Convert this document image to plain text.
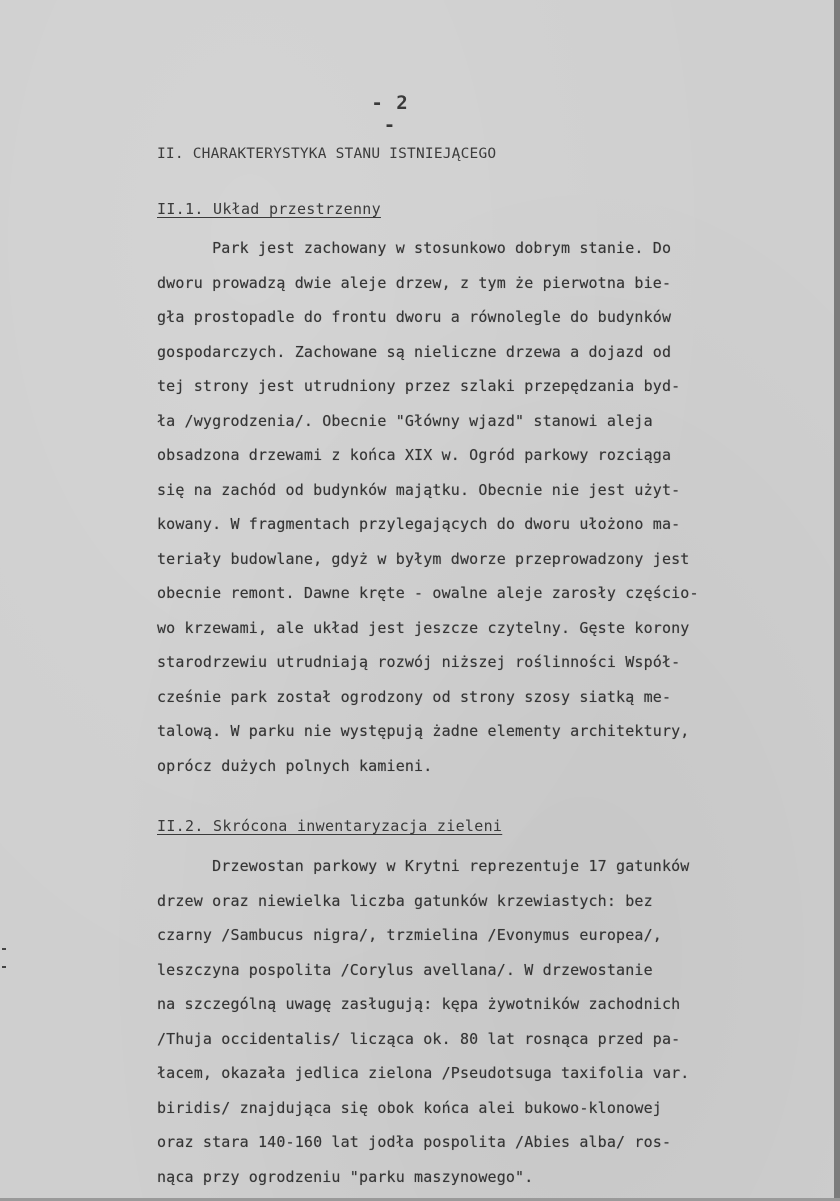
- 2 -
II. CHARAKTERYSTYKA STANU ISTNIEJĄCEGO
II.1. Układ przestrzenny
Park jest zachowany w stosunkowo dobrym stanie. Do
dworu prowadzą dwie aleje drzew, z tym że pierwotna bie-
gła prostopadle do frontu dworu a równolegle do budynków
gospodarczych. Zachowane są nieliczne drzewa a dojazd od
tej strony jest utrudniony przez szlaki przepędzania byd-
ła /wygrodzenia/. Obecnie "Główny wjazd" stanowi aleja
obsadzona drzewami z końca XIX w. Ogród parkowy rozciąga
się na zachód od budynków majątku. Obecnie nie jest użyt-
kowany. W fragmentach przylegających do dworu ułożono ma-
teriały budowlane, gdyż w byłym dworze przeprowadzony jest
obecnie remont. Dawne kręte - owalne aleje zarosły częścio-
wo krzewami, ale układ jest jeszcze czytelny. Gęste korony
starodrzewiu utrudniają rozwój niższej roślinności Współ-
cześnie park został ogrodzony od strony szosy siatką me-
talową. W parku nie występują żadne elementy architektury,
oprócz dużych polnych kamieni.
II.2. Skrócona inwentaryzacja zieleni
Drzewostan parkowy w Krytni reprezentuje 17 gatunków
drzew oraz niewielka liczba gatunków krzewiastych: bez
czarny /Sambucus nigra/, trzmielina /Evonymus europea/,
leszczyna pospolita /Corylus avellana/. W drzewostanie
na szczególną uwagę zasługują: kępa żywotników zachodnich
/Thuja occidentalis/ licząca ok. 80 lat rosnąca przed pa-
łacem, okazała jedlica zielona /Pseudotsuga taxifolia var.
biridis/ znajdująca się obok końca alei bukowo-klonowej
oraz stara 140-160 lat jodła pospolita /Abies alba/ ros-
nąca przy ogrodzeniu "parku maszynowego".
